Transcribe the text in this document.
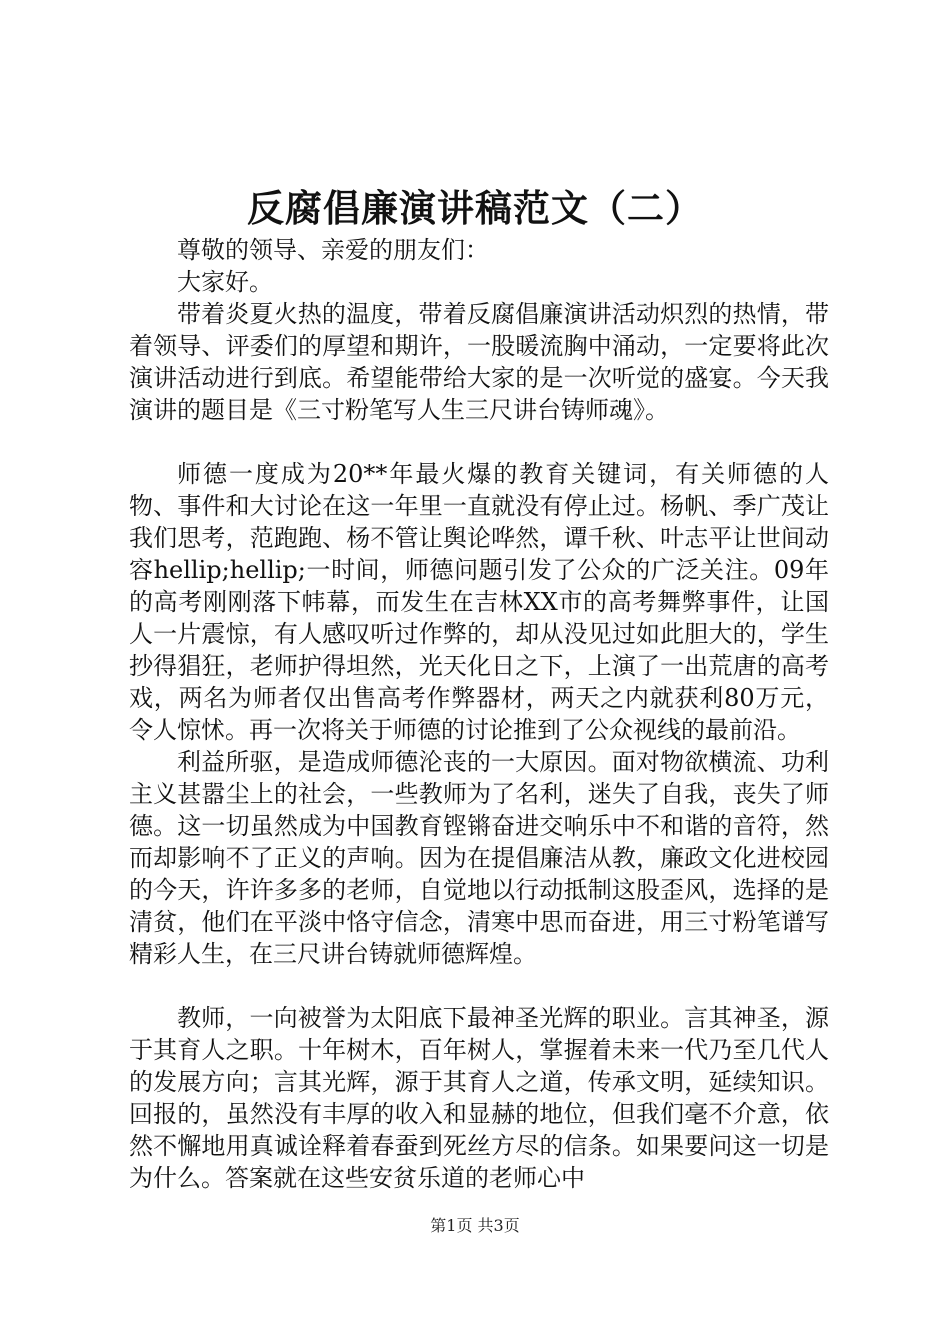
反腐倡廉演讲稿范文（二）

尊敬的领导、亲爱的朋友们：

大家好。

带着炎夏火热的温度，带着反腐倡廉演讲活动炽烈的热情，带着领导、评委们的厚望和期许，一股暖流胸中涌动，一定要将此次演讲活动进行到底。希望能带给大家的是一次听觉的盛宴。今天我演讲的题目是《三寸粉笔写人生三尺讲台铸师魂》。

师德一度成为20**年最火爆的教育关键词，有关师德的人物、事件和大讨论在这一年里一直就没有停止过。杨帆、季广茂让我们思考，范跑跑、杨不管让舆论哗然，谭千秋、叶志平让世间动容hellip;hellip;一时间，师德问题引发了公众的广泛关注。09年的高考刚刚落下帏幕，而发生在吉林XX市的高考舞弊事件，让国人一片震惊，有人感叹听过作弊的，却从没见过如此胆大的，学生抄得猖狂，老师护得坦然，光天化日之下，上演了一出荒唐的高考戏，两名为师者仅出售高考作弊器材，两天之内就获利80万元，令人惊怵。再一次将关于师德的讨论推到了公众视线的最前沿。

利益所驱，是造成师德沦丧的一大原因。面对物欲横流、功利主义甚嚣尘上的社会，一些教师为了名利，迷失了自我，丧失了师德。这一切虽然成为中国教育铿锵奋进交响乐中不和谐的音符，然而却影响不了正义的声响。因为在提倡廉洁从教，廉政文化进校园的今天，许许多多的老师，自觉地以行动抵制这股歪风，选择的是清贫，他们在平淡中恪守信念，清寒中思而奋进，用三寸粉笔谱写精彩人生，在三尺讲台铸就师德辉煌。

教师，一向被誉为太阳底下最神圣光辉的职业。言其神圣，源于其育人之职。十年树木，百年树人，掌握着未来一代乃至几代人的发展方向；言其光辉，源于其育人之道，传承文明，延续知识。回报的，虽然没有丰厚的收入和显赫的地位，但我们毫不介意，依然不懈地用真诚诠释着春蚕到死丝方尽的信条。如果要问这一切是为什么。答案就在这些安贫乐道的老师心中

第1页 共3页
